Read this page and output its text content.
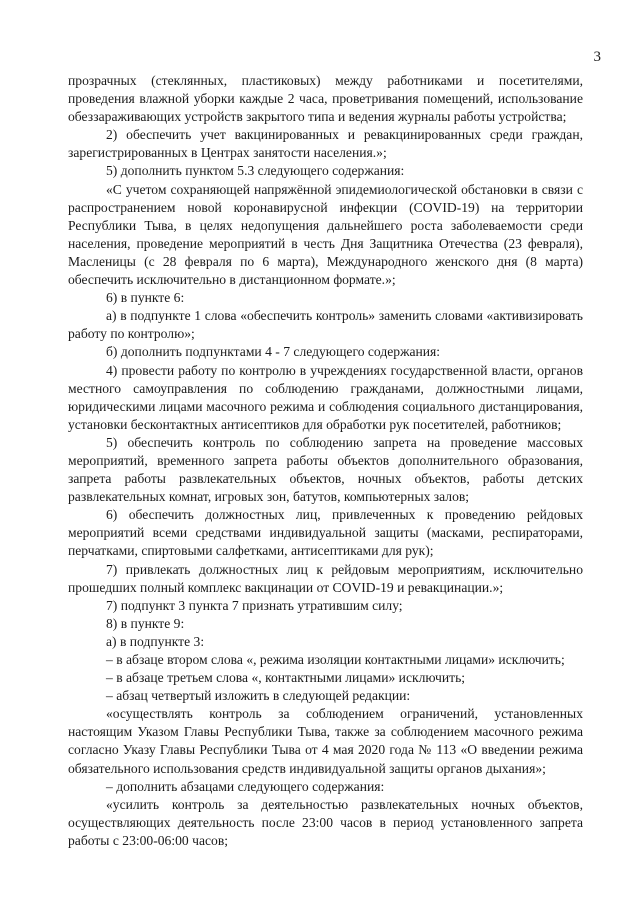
3

прозрачных (стеклянных, пластиковых) между работниками и посетителями, проведения влажной уборки каждые 2 часа, проветривания помещений, использование обеззараживающих устройств закрытого типа и ведения журналы работы устройства;

2) обеспечить учет вакцинированных и ревакцинированных среди граждан, зарегистрированных в Центрах занятости населения.»;

5) дополнить пунктом 5.3 следующего содержания:

«С учетом сохраняющей напряжённой эпидемиологической обстановки в связи с распространением новой коронавирусной инфекции (COVID-19) на территории Республики Тыва, в целях недопущения дальнейшего роста заболеваемости среди населения, проведение мероприятий в честь Дня Защитника Отечества (23 февраля), Масленицы (с 28 февраля по 6 марта), Международного женского дня (8 марта) обеспечить исключительно в дистанционном формате.»;

6) в пункте 6:

а) в подпункте 1 слова «обеспечить контроль» заменить словами «активизировать работу по контролю»;

б) дополнить подпунктами 4 - 7 следующего содержания:

4) провести работу по контролю в учреждениях государственной власти, органов местного самоуправления по соблюдению гражданами, должностными лицами, юридическими лицами масочного режима и соблюдения социального дистанцирования, установки бесконтактных антисептиков для обработки рук посетителей, работников;

5) обеспечить контроль по соблюдению запрета на проведение массовых мероприятий, временного запрета работы объектов дополнительного образования, запрета работы развлекательных объектов, ночных объектов, работы детских развлекательных комнат, игровых зон, батутов, компьютерных залов;

6) обеспечить должностных лиц, привлеченных к проведению рейдовых мероприятий всеми средствами индивидуальной защиты (масками, респираторами, перчатками, спиртовыми салфетками, антисептиками для рук);

7) привлекать должностных лиц к рейдовым мероприятиям, исключительно прошедших полный комплекс вакцинации от COVID-19 и ревакцинации.»;

7) подпункт 3 пункта 7 признать утратившим силу;

8) в пункте 9:

а) в подпункте 3:

– в абзаце втором слова «, режима изоляции контактными лицами» исключить;

– в абзаце третьем слова «, контактными лицами» исключить;

– абзац четвертый изложить в следующей редакции:

«осуществлять контроль за соблюдением ограничений, установленных настоящим Указом Главы Республики Тыва, также за соблюдением масочного режима согласно Указу Главы Республики Тыва от 4 мая 2020 года № 113 «О введении режима обязательного использования средств индивидуальной защиты органов дыхания»;

– дополнить абзацами следующего содержания:

«усилить контроль за деятельностью развлекательных ночных объектов, осуществляющих деятельность после 23:00 часов в период установленного запрета работы с 23:00-06:00 часов;
